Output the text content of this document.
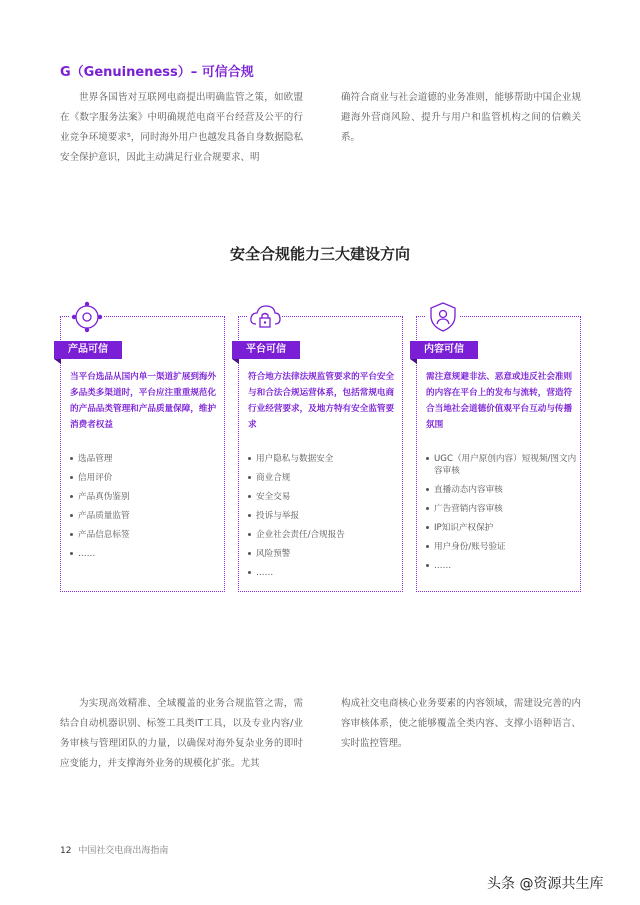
G（Genuineness）– 可信合规

世界各国皆对互联网电商提出明确监管之策，如欧盟在《数字服务法案》中明确规范电商平台经营及公平的行业竞争环境要求⁵，同时海外用户也越发具备自身数据隐私安全保护意识，因此主动满足行业合规要求、明

确符合商业与社会道德的业务准则，能够帮助中国企业规避海外营商风险、提升与用户和监管机构之间的信赖关系。

安全合规能力三大建设方向
产品可信
当平台选品从国内单一渠道扩展到海外多品类多渠道时，平台应注重重规范化的产品品类管理和产品质量保障，维护消费者权益
选品管理
信用评价
产品真伪鉴别
产品质量监管
产品信息标签
……
平台可信
符合地方法律法规监管要求的平台安全与和合法合规运营体系，包括常规电商行业经营要求，及地方特有安全监管要求
用户隐私与数据安全
商业合规
安全交易
投诉与举报
企业社会责任/合规报告
风险预警
……
内容可信
需注意规避非法、恶意或违反社会准则的内容在平台上的发布与流转，营造符合当地社会道德价值观平台互动与传播氛围
UGC（用户原创内容）短视频/图文内容审核
直播动态内容审核
广告营销内容审核
IP知识产权保护
用户身份/账号验证
……

为实现高效精准、全域覆盖的业务合规监管之需，需结合自动机器识别、标签工具类IT工具，以及专业内容/业务审核与管理团队的力量，以确保对海外复杂业务的即时应变能力，并支撑海外业务的规模化扩张。尤其

构成社交电商核心业务要素的内容领域，需建设完善的内容审核体系，使之能够覆盖全类内容、支撑小语种语言、实时监控管理。

12 中国社交电商出海指南
头条 @资源共生库
